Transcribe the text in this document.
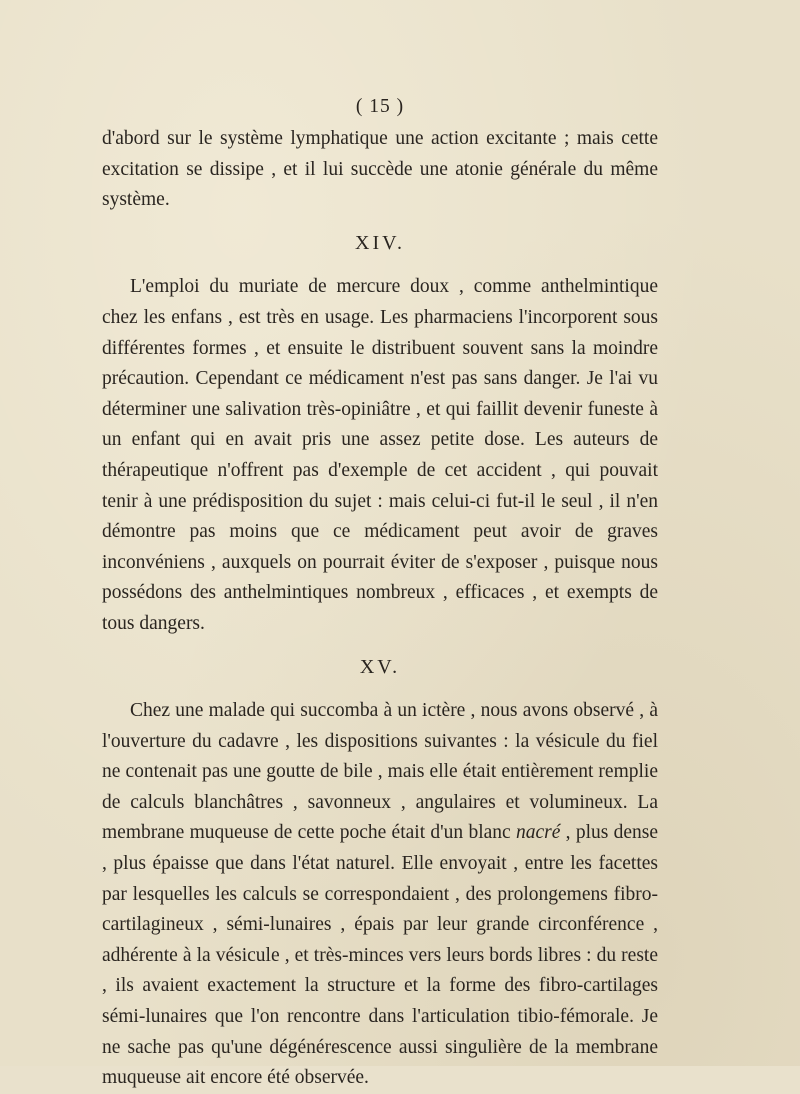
( 15 )

d'abord sur le système lymphatique une action excitante ; mais cette excitation se dissipe , et il lui succède une atonie générale du même système.

XIV.

L'emploi du muriate de mercure doux , comme anthelmintique chez les enfans , est très en usage. Les pharmaciens l'incorporent sous différentes formes , et ensuite le distribuent souvent sans la moindre précaution. Cependant ce médicament n'est pas sans danger. Je l'ai vu déterminer une salivation très-opiniâtre , et qui faillit devenir funeste à un enfant qui en avait pris une assez petite dose. Les auteurs de thérapeutique n'offrent pas d'exemple de cet accident , qui pouvait tenir à une prédisposition du sujet : mais celui-ci fut-il le seul , il n'en démontre pas moins que ce médicament peut avoir de graves inconvéniens , auxquels on pourrait éviter de s'exposer , puisque nous possédons des anthelmintiques nombreux , efficaces , et exempts de tous dangers.

XV.

Chez une malade qui succomba à un ictère , nous avons observé , à l'ouverture du cadavre , les dispositions suivantes : la vésicule du fiel ne contenait pas une goutte de bile , mais elle était entièrement remplie de calculs blanchâtres , savonneux , angulaires et volumineux. La membrane muqueuse de cette poche était d'un blanc nacré , plus dense , plus épaisse que dans l'état naturel. Elle envoyait , entre les facettes par lesquelles les calculs se correspondaient , des prolongemens fibro-cartilagineux , sémi-lunaires , épais par leur grande circonférence , adhérente à la vésicule , et très-minces vers leurs bords libres : du reste , ils avaient exactement la structure et la forme des fibro-cartilages sémi-lunaires que l'on rencontre dans l'articulation tibio-fémorale. Je ne sache pas qu'une dégénérescence aussi singulière de la membrane muqueuse ait encore été observée.
